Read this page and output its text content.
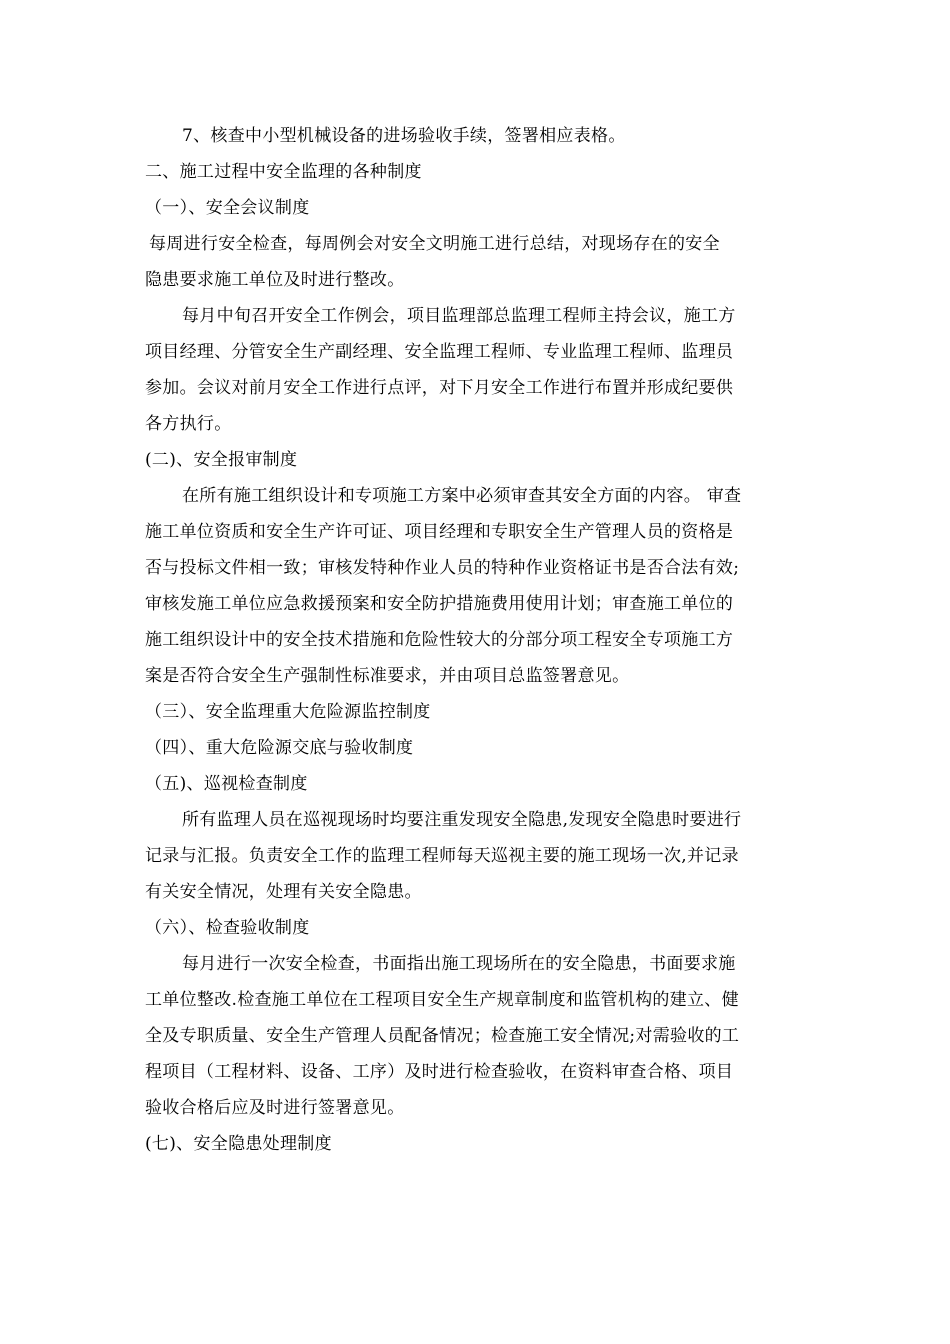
7、核查中小型机械设备的进场验收手续，签署相应表格。
二、施工过程中安全监理的各种制度
（一）、安全会议制度
每周进行安全检查，每周例会对安全文明施工进行总结，对现场存在的安全
隐患要求施工单位及时进行整改。
每月中旬召开安全工作例会，项目监理部总监理工程师主持会议，施工方
项目经理、分管安全生产副经理、安全监理工程师、专业监理工程师、监理员
参加。会议对前月安全工作进行点评，对下月安全工作进行布置并形成纪要供
各方执行。
(二)、安全报审制度
在所有施工组织设计和专项施工方案中必须审查其安全方面的内容。 审查
施工单位资质和安全生产许可证、项目经理和专职安全生产管理人员的资格是
否与投标文件相一致；审核发特种作业人员的特种作业资格证书是否合法有效;
审核发施工单位应急救援预案和安全防护措施费用使用计划；审查施工单位的
施工组织设计中的安全技术措施和危险性较大的分部分项工程安全专项施工方
案是否符合安全生产强制性标准要求，并由项目总监签署意见。
（三）、安全监理重大危险源监控制度
（四）、重大危险源交底与验收制度
（五)、巡视检查制度
所有监理人员在巡视现场时均要注重发现安全隐患,发现安全隐患时要进行
记录与汇报。负责安全工作的监理工程师每天巡视主要的施工现场一次,并记录
有关安全情况，处理有关安全隐患。
（六）、检查验收制度
每月进行一次安全检查，书面指出施工现场所在的安全隐患，书面要求施
工单位整改.检查施工单位在工程项目安全生产规章制度和监管机构的建立、健
全及专职质量、安全生产管理人员配备情况；检查施工安全情况;对需验收的工
程项目（工程材料、设备、工序）及时进行检查验收，在资料审查合格、项目
验收合格后应及时进行签署意见。
(七)、安全隐患处理制度
